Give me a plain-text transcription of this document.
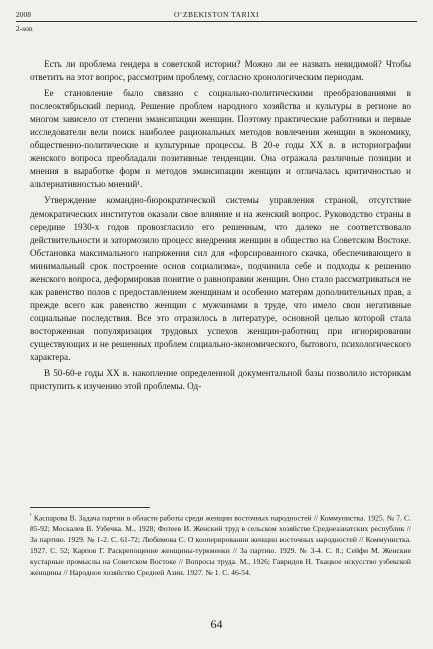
2008	O‘ZBEKISTON TARIXI
2-son

Есть ли проблема гендера в советской истории? Можно ли ее назвать невидимой? Чтобы ответить на этот вопрос, рассмотрим проблему, согласно хронологическим периодам.

Ее становление было связано с социально-политическими преобразованиями в послеоктябрьский период. Решение проблем народного хозяйства и культуры в регионе во многом зависело от степени эмансипации женщин. Поэтому практические работники и первые исследователи вели поиск наиболее рациональных методов вовлечения женщин в экономику, общественно-политические и культурные процессы. В 20-е годы XX в. в историографии женского вопроса преобладали позитивные тенденции. Она отражала различные позиции и мнения в выработке форм и методов эмансипации женщин и отличалась критичностью и альтернативностью мнений¹.

Утверждение командно-бюрократической системы управления страной, отсутствие демократических институтов оказали свое влияние и на женский вопрос. Руководство страны в середине 1930-х годов провозгласило его решенным, что далеко не соответствовало действительности и затормозило процесс внедрения женщин в общество на Советском Востоке. Обстановка максимального напряжения сил для «форсированного скачка, обеспечивающего в минимальный срок построение основ социализма», подчинила себе и подходы к решению женского вопроса, деформировав понятие о равноправии женщин. Оно стало рассматриваться не как равенство полов с предоставлением женщинам и особенно матерям дополнительных прав, а прежде всего как равенство женщин с мужчинами в труде, что имело свои негативные социальные последствия. Все это отразилось в литературе, основной целью которой стала восторженная популяризация трудовых успехов женщин-работниц при игнорировании существующих и не решенных проблем социально-экономического, бытового, психологического характера.

В 50-60-е годы XX в. накопление определенной документальной базы позволило историкам приступить к изучению этой проблемы. Од-

$^{^1}$ Каспарова В. Задача партии в области работы среди женщин восточных народностей // Коммунистка. 1925. № 7. С. 85-92; Москалев В. Узбечка. М., 1928; Фотеев И. Женский труд в сельском хозяйстве Среднеазиатских республик // За партию. 1929. № 1-2. С. 61-72; Любимова С. О кооперировании женщин восточных народностей // Коммунистка. 1927. С. 52; Карпов Г. Раскрепощение женщины-туркменки // За партию. 1929. № 3-4. С. 8.; Сейфи М. Женские кустарные промыслы на Советском Востоке // Вопросы труда. М., 1926; Гавридов Н. Ткацкое искусство узбекской женщины // Народное хозяйство Средней Азии. 1927. № 1. С. 46-54.
64
